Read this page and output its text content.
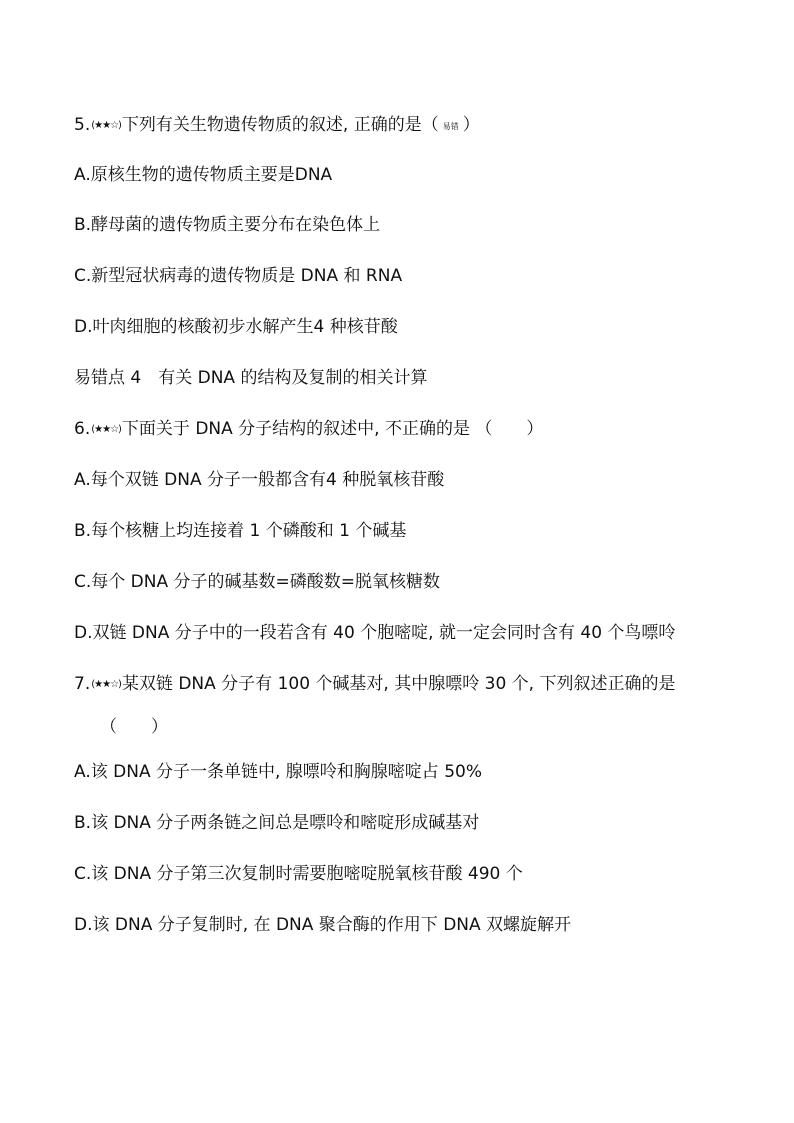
5.(★★☆)下列有关生物遗传物质的叙述, 正确的是（ 易错 ）
A.原核生物的遗传物质主要是DNA
B.酵母菌的遗传物质主要分布在染色体上
C.新型冠状病毒的遗传物质是 DNA 和 RNA
D.叶肉细胞的核酸初步水解产生4 种核苷酸
易错点 4　有关 DNA 的结构及复制的相关计算
6.(★★☆)下面关于 DNA 分子结构的叙述中, 不正确的是 （　　）
A.每个双链 DNA 分子一般都含有4 种脱氧核苷酸
B.每个核糖上均连接着 1 个磷酸和 1 个碱基
C.每个 DNA 分子的碱基数=磷酸数=脱氧核糖数
D.双链 DNA 分子中的一段若含有 40 个胞嘧啶, 就一定会同时含有 40 个鸟嘌呤
7.(★★☆)某双链 DNA 分子有 100 个碱基对, 其中腺嘌呤 30 个, 下列叙述正确的是
（　　）
A.该 DNA 分子一条单链中, 腺嘌呤和胸腺嘧啶占 50%
B.该 DNA 分子两条链之间总是嘌呤和嘧啶形成碱基对
C.该 DNA 分子第三次复制时需要胞嘧啶脱氧核苷酸 490 个
D.该 DNA 分子复制时, 在 DNA 聚合酶的作用下 DNA 双螺旋解开
